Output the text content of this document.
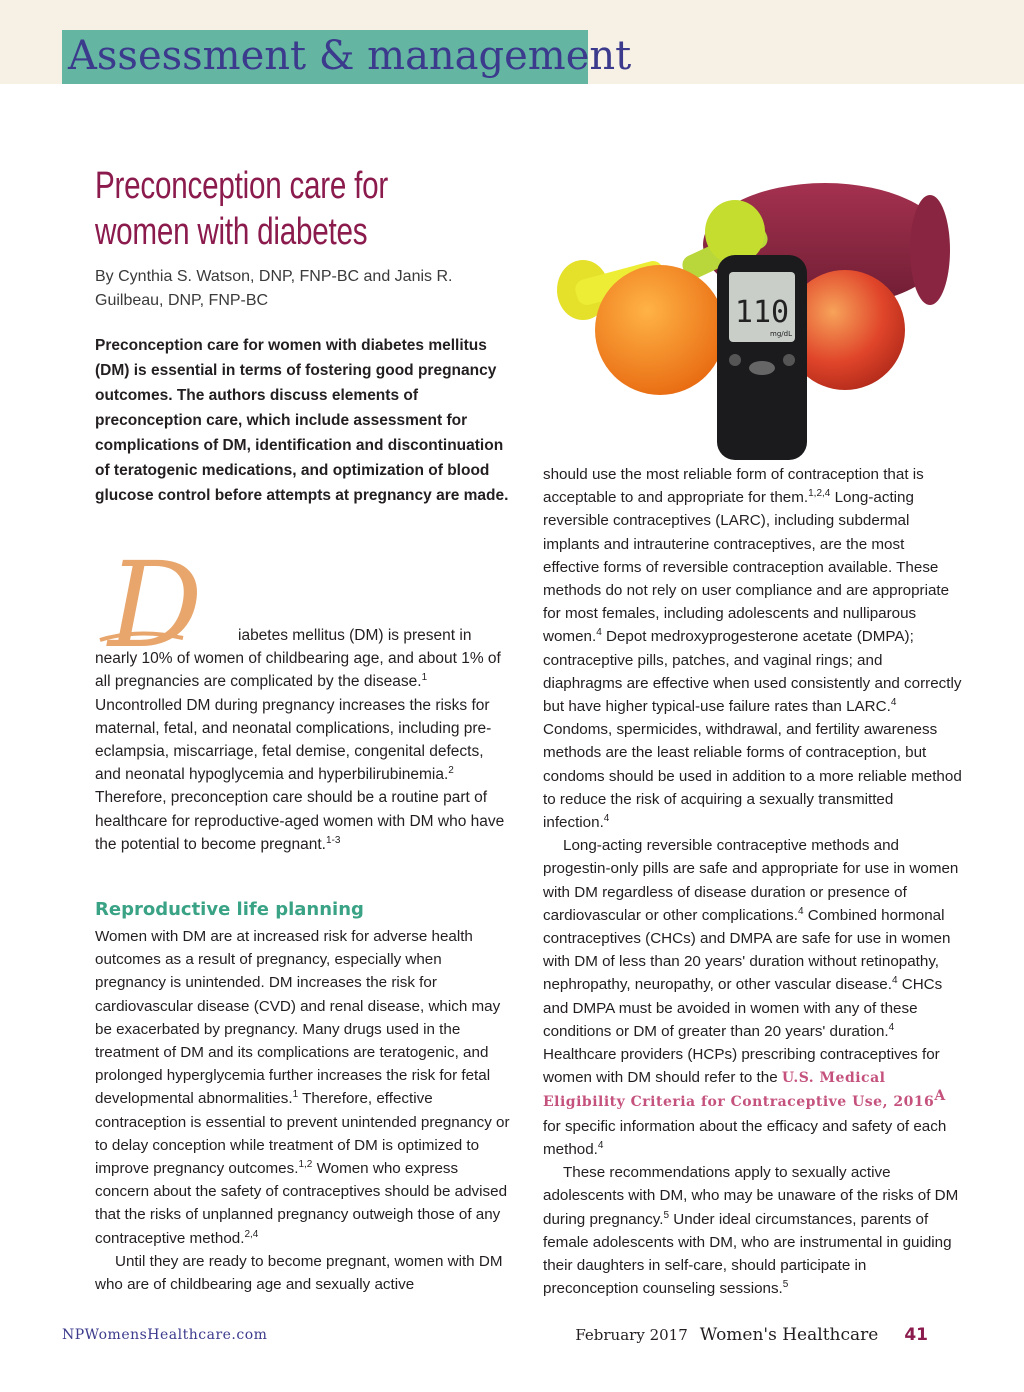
Assessment & management
Preconception care for women with diabetes
By Cynthia S. Watson, DNP, FNP-BC and Janis R. Guilbeau, DNP, FNP-BC
Preconception care for women with diabetes mellitus (DM) is essential in terms of fostering good pregnancy outcomes. The authors discuss elements of preconception care, which include assessment for complications of DM, identification and discontinuation of teratogenic medications, and optimization of blood glucose control before attempts at pregnancy are made.
D	iabetes mellitus (DM) is present in nearly 10% of women of childbearing age, and about 1% of all pregnancies are complicated by the disease.$^1$ Uncontrolled DM during pregnancy increases the risks for maternal, fetal, and neonatal complications, including pre-eclampsia, miscarriage, fetal demise, congenital defects, and neonatal hypoglycemia and hyperbilirubinemia.$^2$ Therefore, preconception care should be a routine part of healthcare for reproductive-aged women with DM who have the potential to become pregnant.$^{1-3}$

Reproductive life planning

Women with DM are at increased risk for adverse health outcomes as a result of pregnancy, especially when pregnancy is unintended. DM increases the risk for cardiovascular disease (CVD) and renal disease, which may be exacerbated by pregnancy. Many drugs used in the treatment of DM and its complications are teratogenic, and prolonged hyperglycemia further increases the risk for fetal developmental abnormalities.$^1$ Therefore, effective contraception is essential to prevent unintended pregnancy or to delay conception while treatment of DM is optimized to improve pregnancy outcomes.$^{1,2}$ Women who express concern about the safety of contraceptives should be advised that the risks of unplanned pregnancy outweigh those of any contraceptive method.$^{2,4}$

Until they are ready to become pregnant, women with DM who are of childbearing age and sexually active

110
mg/dL

should use the most reliable form of contraception that is acceptable to and appropriate for them.$^{1,2,4}$ Long-acting reversible contraceptives (LARC), including subdermal implants and intrauterine contraceptives, are the most effective forms of reversible contraception available. These methods do not rely on user compliance and are appropriate for most females, including adolescents and nulliparous women.$^4$ Depot medroxyprogesterone acetate (DMPA); contraceptive pills, patches, and vaginal rings; and diaphragms are effective when used consistently and correctly but have higher typical-use failure rates than LARC.$^4$ Condoms, spermicides, withdrawal, and fertility awareness methods are the least reliable forms of contraception, but condoms should be used in addition to a more reliable method to reduce the risk of acquiring a sexually transmitted infection.$^4$

Long-acting reversible contraceptive methods and progestin-only pills are safe and appropriate for use in women with DM regardless of disease duration or presence of cardiovascular or other complications.$^4$ Combined hormonal contraceptives (CHCs) and DMPA are safe for use in women with DM of less than 20 years' duration without retinopathy, nephropathy, neuropathy, or other vascular disease.$^4$ CHCs and DMPA must be avoided in women with any of these conditions or DM of greater than 20 years' duration.$^4$ Healthcare providers (HCPs) prescribing contraceptives for women with DM should refer to the U.S. Medical Eligibility Criteria for Contraceptive Use, $2016^A$ for specific information about the efficacy and safety of each method.$^4$

These recommendations apply to sexually active adolescents with DM, who may be unaware of the risks of DM during pregnancy.$^5$ Under ideal circumstances, parents of female adolescents with DM, who are instrumental in guiding their daughters in self-care, should participate in preconception counseling sessions.$^5$

NPWomensHealthcare.com	February 2017 Women's Healthcare 41
